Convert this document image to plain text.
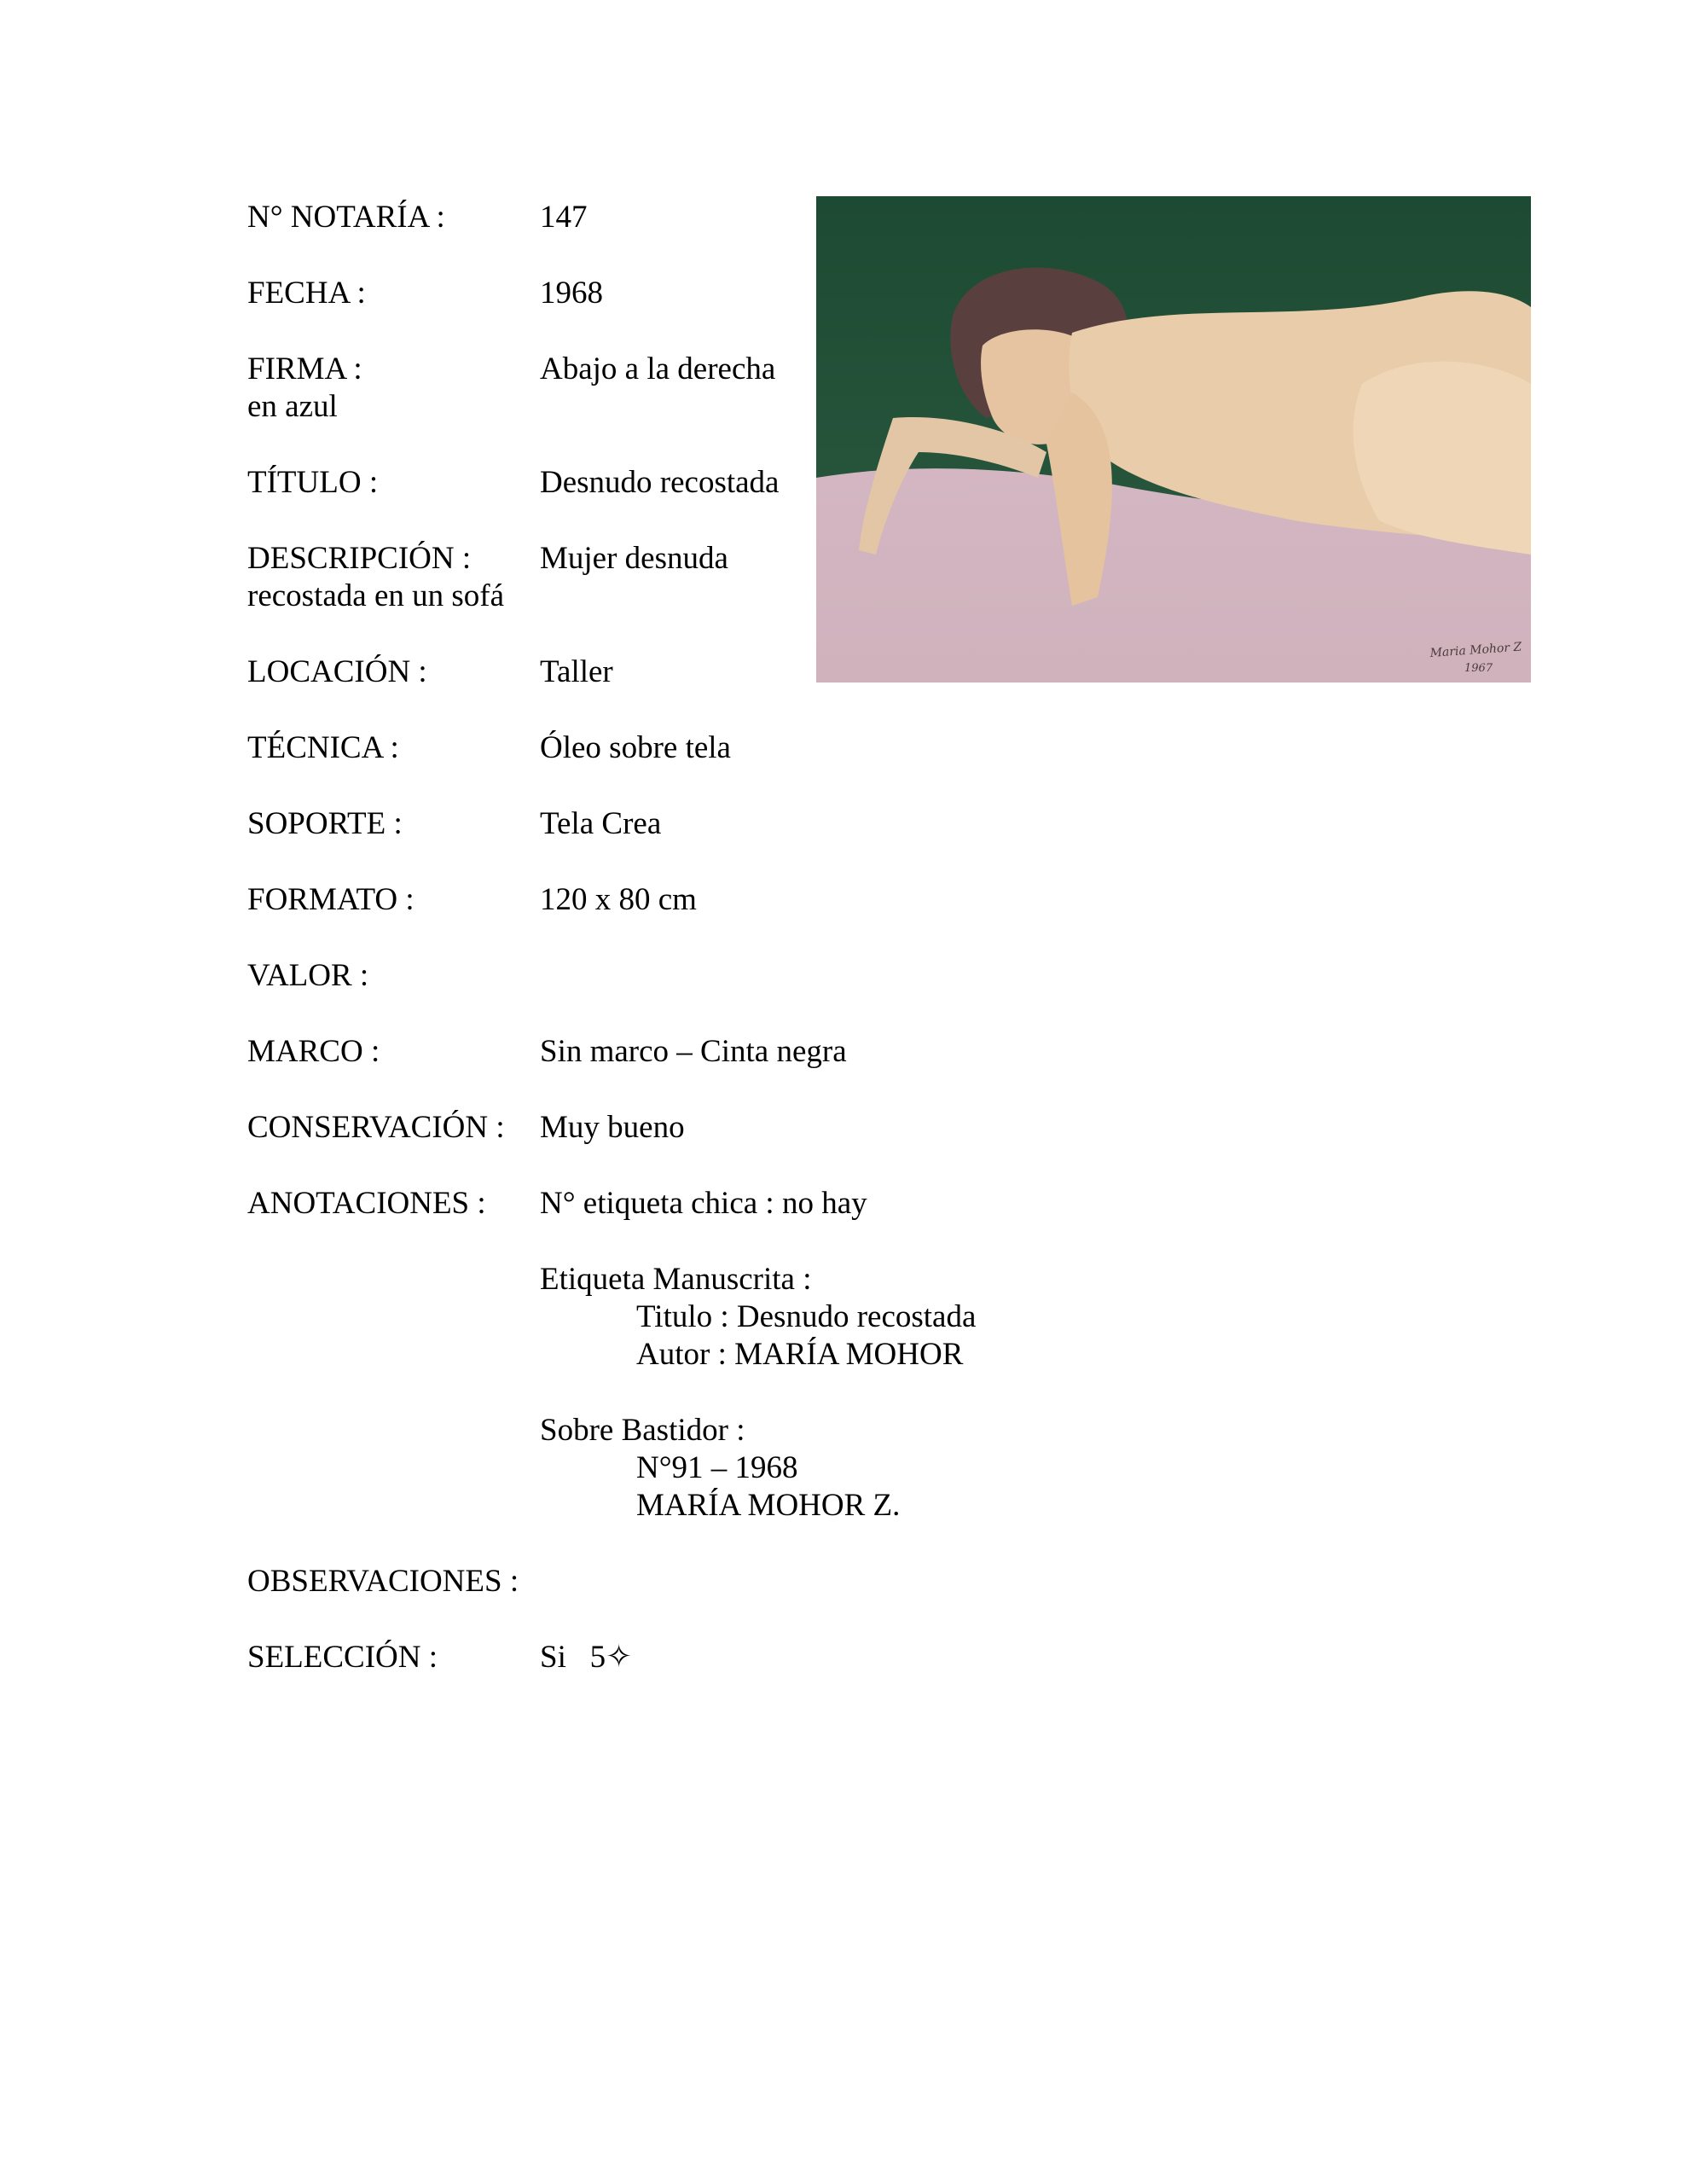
N° NOTARÍA :	147
FECHA :	1968
FIRMA :	Abajo a la derecha
en azul
TÍTULO :	Desnudo recostada
DESCRIPCIÓN : Mujer desnuda
recostada en un sofá
LOCACIÓN :	Taller
TÉCNICA :	Óleo sobre tela
SOPORTE :	Tela Crea
FORMATO :	120 x 80 cm
VALOR :
MARCO :	Sin marco – Cinta negra
CONSERVACIÓN : Muy bueno
ANOTACIONES : N° etiqueta chica : no hay
Etiqueta Manuscrita :
Titulo : Desnudo recostada
Autor : MARÍA MOHOR
Sobre Bastidor :
N°91 – 1968
MARÍA MOHOR Z.
OBSERVACIONES :
SELECCIÓN :	Si   5✧
Maria Mohor Z
1967
